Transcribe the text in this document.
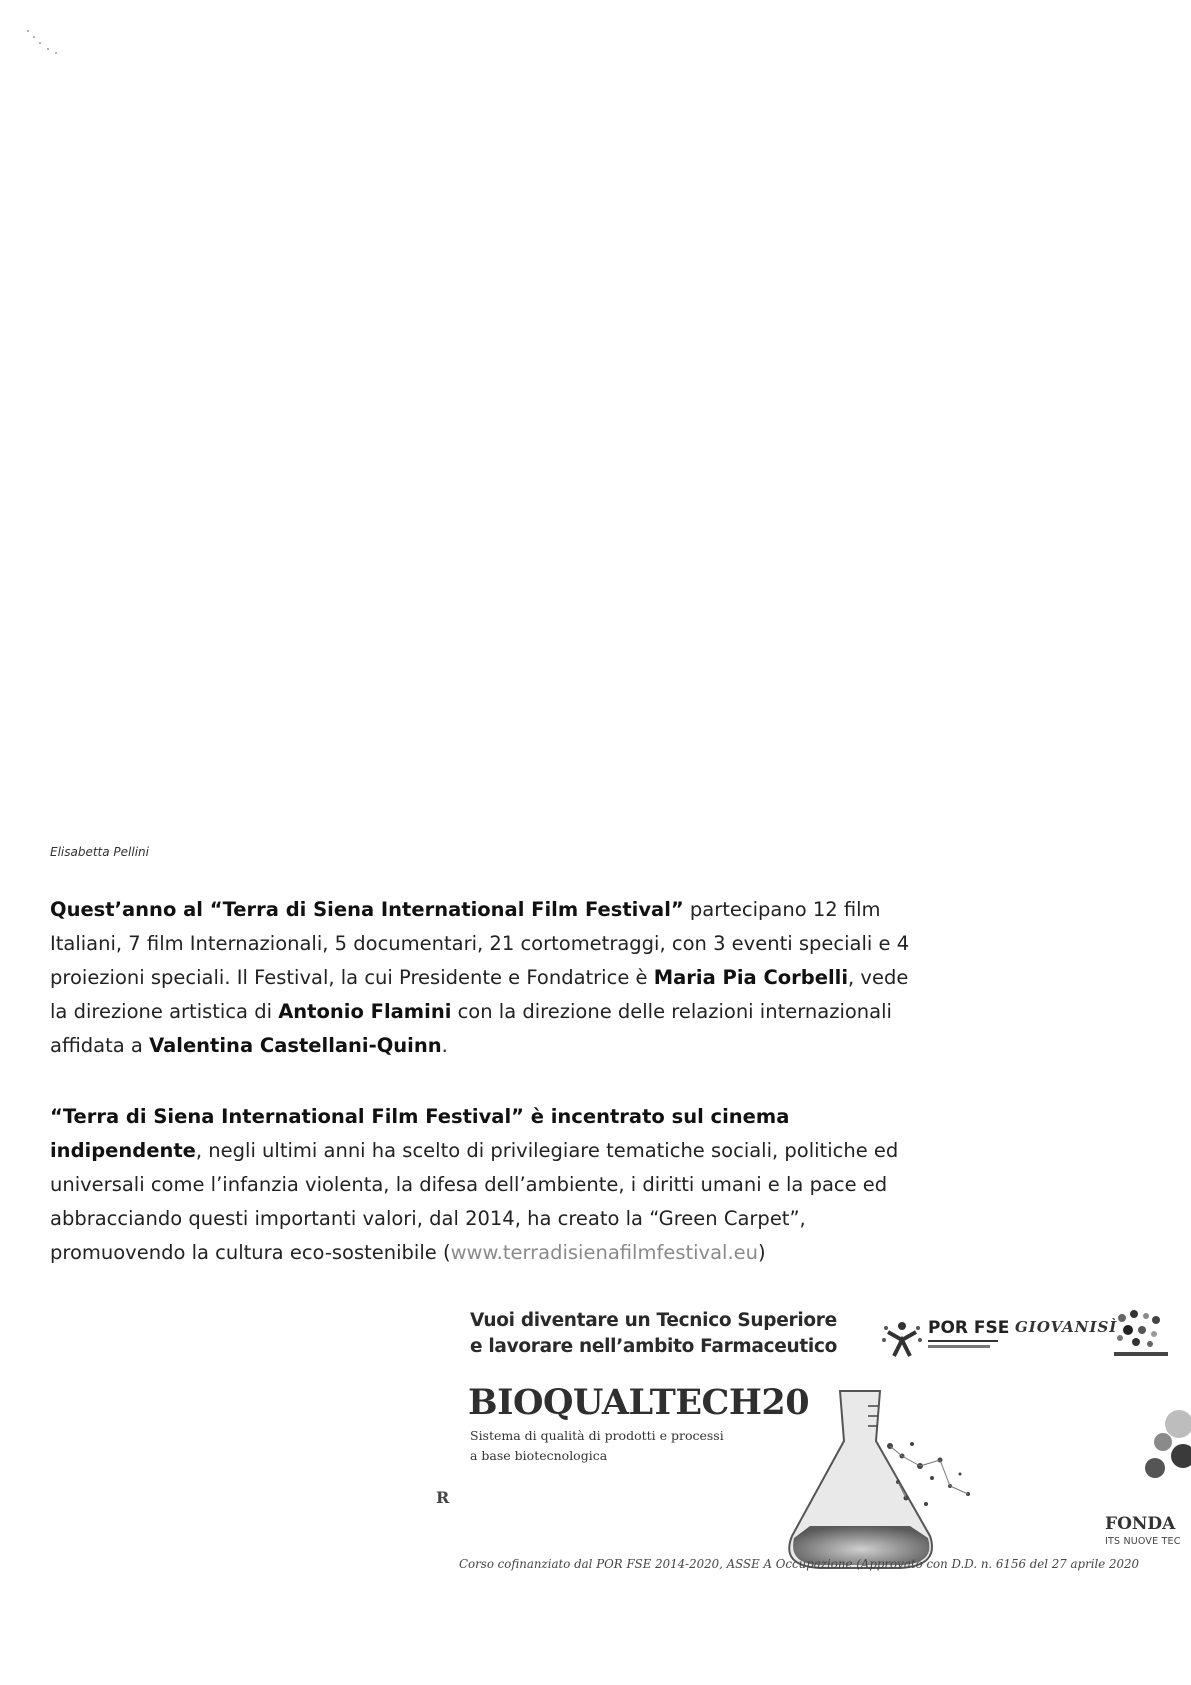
Elisabetta Pellini

Quest’anno al “Terra di Siena International Film Festival” partecipano 12 film Italiani, 7 film Internazionali, 5 documentari, 21 cortometraggi, con 3 eventi speciali e 4 proiezioni speciali. Il Festival, la cui Presidente e Fondatrice è Maria Pia Corbelli, vede la direzione artistica di Antonio Flamini con la direzione delle relazioni internazionali affidata a Valentina Castellani-Quinn.

“Terra di Siena International Film Festival” è incentrato sul cinema indipendente, negli ultimi anni ha scelto di privilegiare tematiche sociali, politiche ed universali come l’infanzia violenta, la difesa dell’ambiente, i diritti umani e la pace ed abbracciando questi importanti valori, dal 2014, ha creato la “Green Carpet”, promuovendo la cultura eco-sostenibile (www.terradisienafilmfestival.eu)

Vuoi diventare un Tecnico Superiore
e lavorare nell’ambito Farmaceutico
POR FSE GIOVANISÌ
BIOQUALTECH20
Sistema di qualità di prodotti e processi
a base biotecnologica
R
FONDA
ITS NUOVE TEC
Corso cofinanziato dal POR FSE 2014-2020, ASSE A Occupazione (Approvato con D.D. n. 6156 del 27 aprile 2020
